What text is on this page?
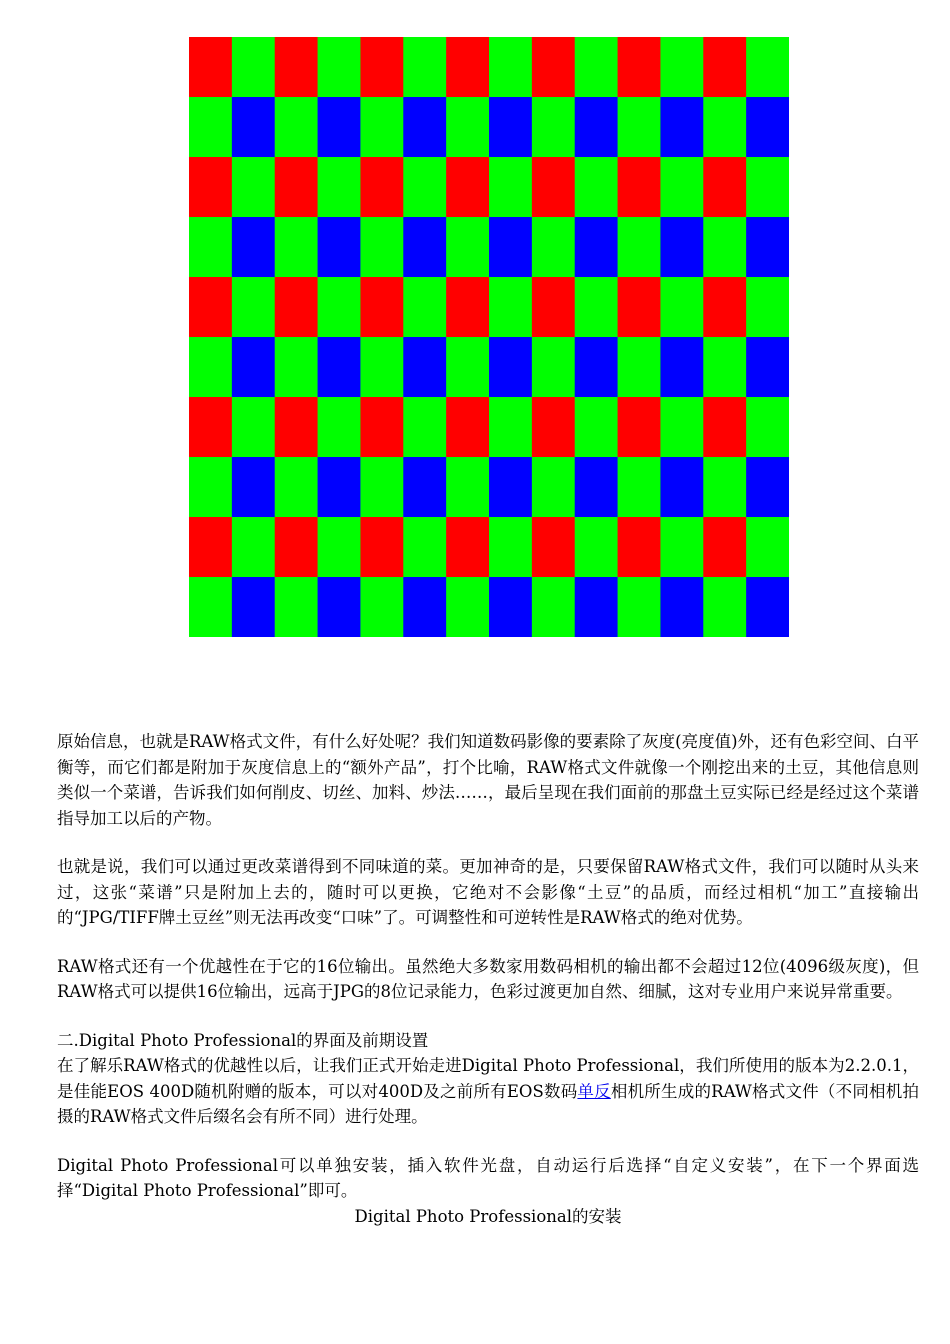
原始信息，也就是RAW格式文件，有什么好处呢？我们知道数码影像的要素除了灰度(亮度值)外，还有色彩空间、白平衡等，而它们都是附加于灰度信息上的“额外产品”，打个比喻，RAW格式文件就像一个刚挖出来的土豆，其他信息则类似一个菜谱，告诉我们如何削皮、切丝、加料、炒法……，最后呈现在我们面前的那盘土豆实际已经是经过这个菜谱指导加工以后的产物。

也就是说，我们可以通过更改菜谱得到不同味道的菜。更加神奇的是，只要保留RAW格式文件，我们可以随时从头来过，这张“菜谱”只是附加上去的，随时可以更换，它绝对不会影像“土豆”的品质，而经过相机“加工”直接输出的“JPG/TIFF牌土豆丝”则无法再改变“口味”了。可调整性和可逆转性是RAW格式的绝对优势。

RAW格式还有一个优越性在于它的16位输出。虽然绝大多数家用数码相机的输出都不会超过12位(4096级灰度)，但RAW格式可以提供16位输出，远高于JPG的8位记录能力，色彩过渡更加自然、细腻，这对专业用户来说异常重要。

二.Digital Photo Professional的界面及前期设置

在了解乐RAW格式的优越性以后，让我们正式开始走进Digital Photo Professional，我们所使用的版本为2.2.0.1，是佳能EOS 400D随机附赠的版本，可以对400D及之前所有EOS数码单反相机所生成的RAW格式文件（不同相机拍摄的RAW格式文件后缀名会有所不同）进行处理。

Digital Photo Professional可以单独安装，插入软件光盘，自动运行后选择“自定义安装”，在下一个界面选择“Digital Photo Professional”即可。

Digital Photo Professional的安装
